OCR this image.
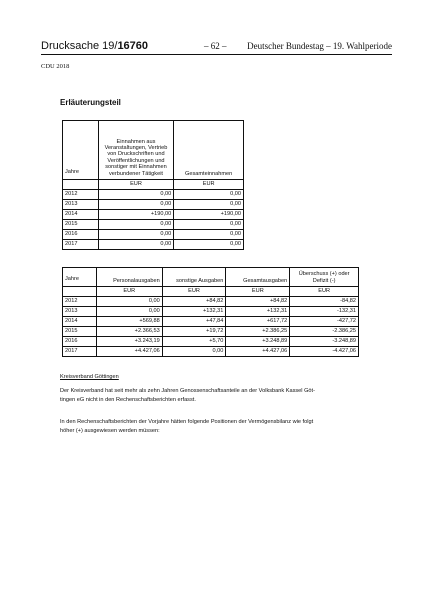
Drucksache 19/16760	– 62 – Deutscher Bundestag – 19. Wahlperiode
CDU 2018
Erläuterungsteil
Jahre	Einnahmen aus Veranstaltungen, Vertrieb von Druckschriften und Veröffentlichungen und sonstiger mit Einnahmen verbundener Tätigkeit	Gesamteinnahmen
	EUR	EUR
2012	0,00	0,00
2013	0,00	0,00
2014	+190,00	+190,00
2015	0,00	0,00
2016	0,00	0,00
2017	0,00	0,00
Jahre	Personalausgaben	sonstige Ausgaben	Gesamtausgaben	Überschuss (+) oder Defizit (-)
	EUR	EUR	EUR	EUR
2012	0,00	+84,82	+84,82	-84,82
2013	0,00	+132,31	+132,31	-132,31
2014	+569,88	+47,84	+617,72	-427,72
2015	+2.366,53	+19,72	+2.386,25	-2.386,25
2016	+3.243,19	+5,70	+3.248,89	-3.248,89
2017	+4.427,06	0,00	+4.427,06	-4.427,06
Kreisverband Göttingen
Der Kreisverband hat seit mehr als zehn Jahren Genossenschaftsanteile an der Volksbank Kassel Göt-
tingen eG nicht in den Rechenschaftsberichten erfasst.
In den Rechenschaftsberichten der Vorjahre hätten folgende Positionen der Vermögensbilanz wie folgt
höher (+) ausgewiesen werden müssen:
